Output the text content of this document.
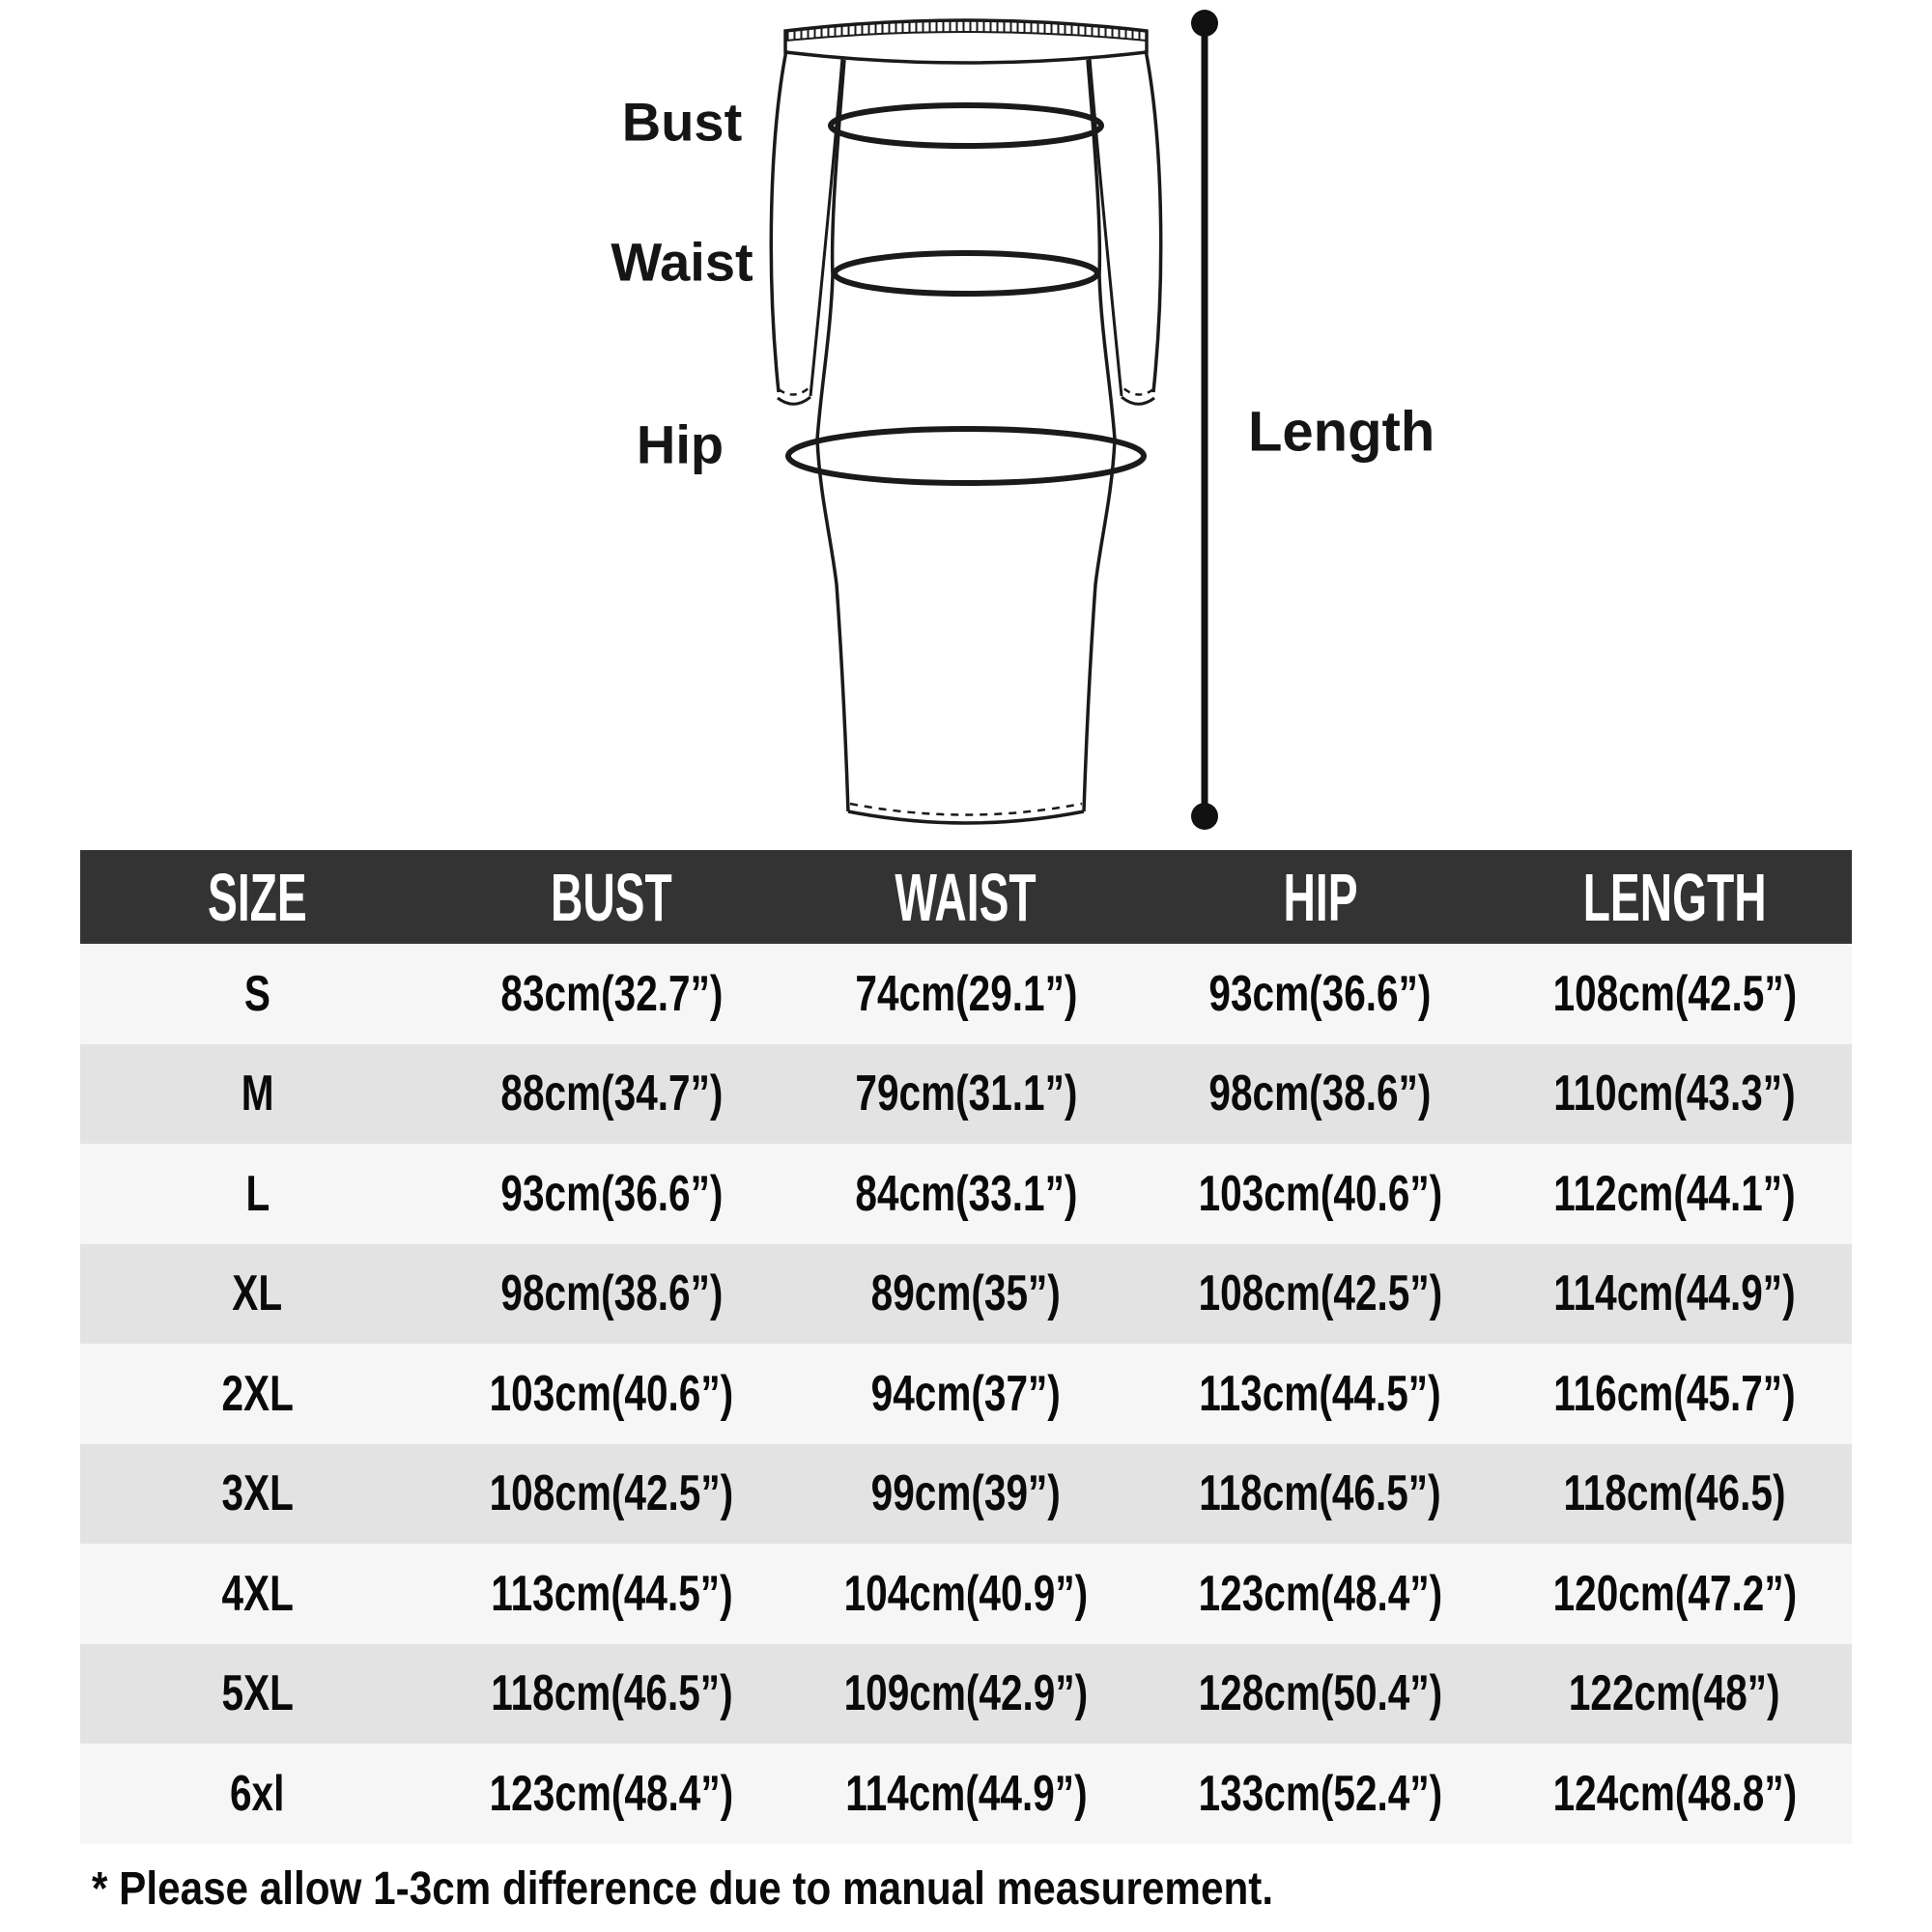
Bust
Waist
Hip	Length
SIZE	BUST	WAIST	HIP	LENGTH
S	83cm(32.7”)	74cm(29.1”)	93cm(36.6”)	108cm(42.5”)
M	88cm(34.7”)	79cm(31.1”)	98cm(38.6”)	110cm(43.3”)
L	93cm(36.6”)	84cm(33.1”)	103cm(40.6”)	112cm(44.1”)
XL	98cm(38.6”)	89cm(35”)	108cm(42.5”)	114cm(44.9”)
2XL	103cm(40.6”)	94cm(37”)	113cm(44.5”)	116cm(45.7”)
3XL	108cm(42.5”)	99cm(39”)	118cm(46.5”)	118cm(46.5)
4XL	113cm(44.5”)	104cm(40.9”)	123cm(48.4”)	120cm(47.2”)
5XL	118cm(46.5”)	109cm(42.9”)	128cm(50.4”)	122cm(48”)
6xl	123cm(48.4”)	114cm(44.9”)	133cm(52.4”)	124cm(48.8”)
* Please allow 1-3cm difference due to manual measurement.
